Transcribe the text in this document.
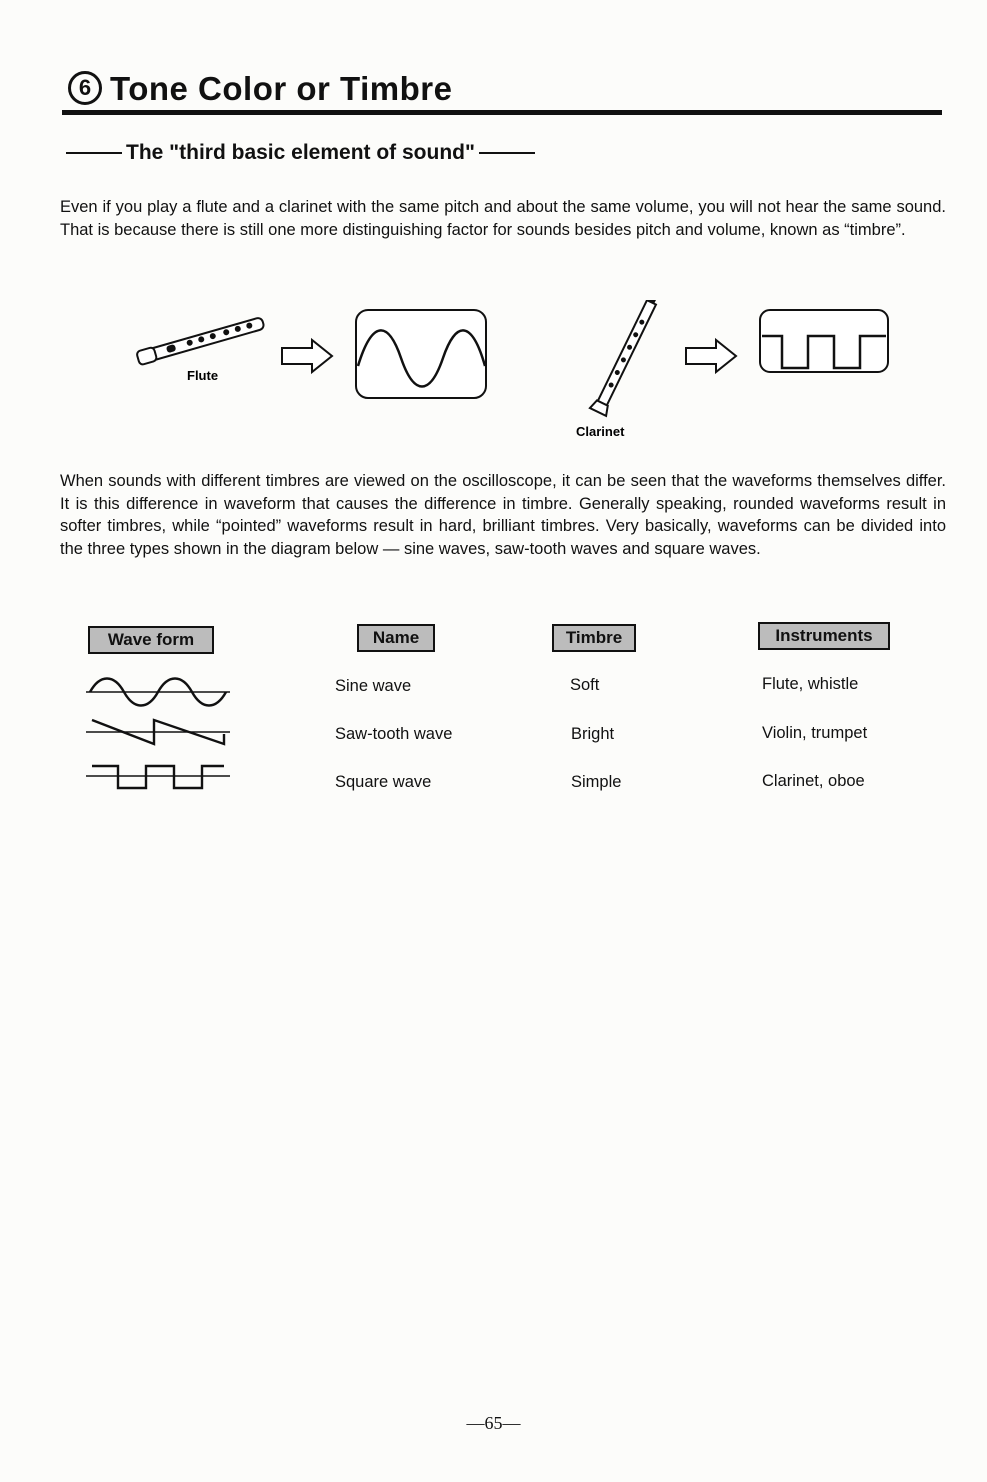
6 Tone Color or Timbre
The "third basic element of sound"
Even if you play a flute and a clarinet with the same pitch and about the same volume, you will not hear the same sound. That is because there is still one more distinguishing factor for sounds besides pitch and volume, known as “timbre”.
Flute
Clarinet
When sounds with different timbres are viewed on the oscilloscope, it can be seen that the waveforms themselves differ. It is this difference in waveform that causes the difference in timbre. Generally speaking, rounded waveforms result in softer timbres, while “pointed” waveforms result in hard, brilliant timbres. Very basically, waveforms can be divided into the three types shown in the diagram below — sine waves, saw-tooth waves and square waves.
Wave form	Name	Timbre	Instruments
Sine wave	Soft	Flute, whistle
Saw-tooth wave	Bright	Violin, trumpet
Square wave	Simple	Clarinet, oboe
—65—
